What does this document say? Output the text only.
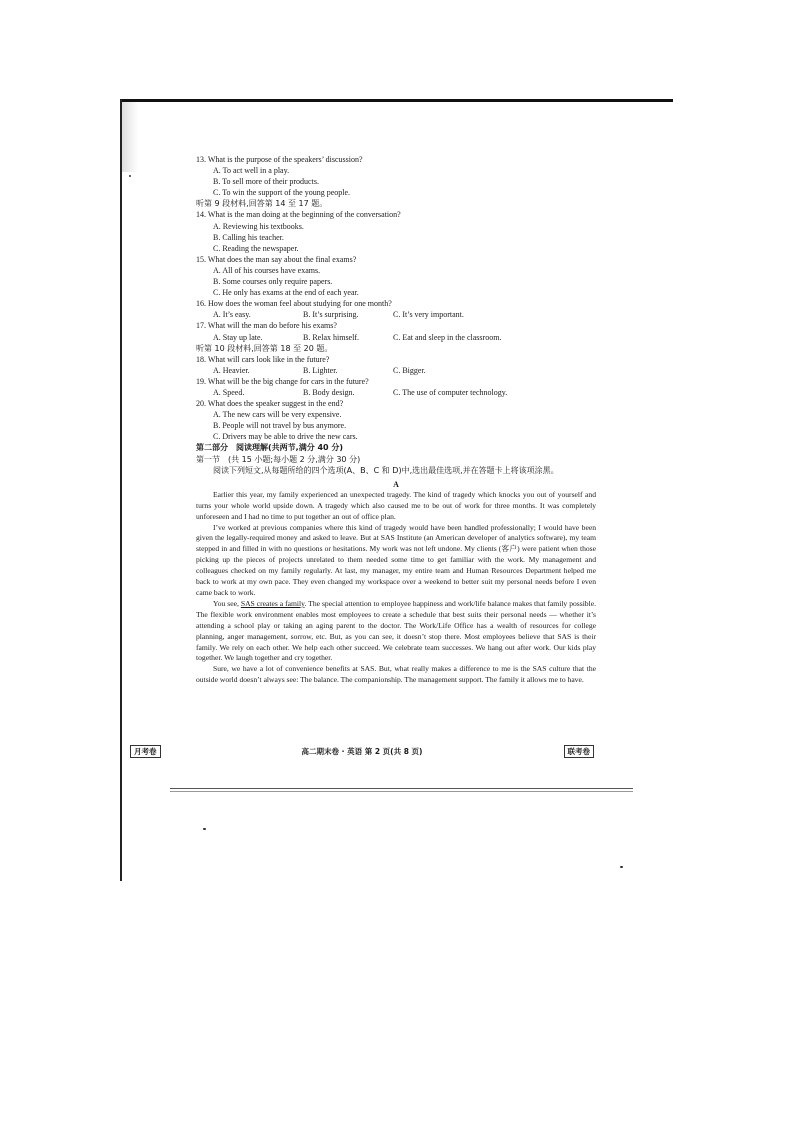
13. What is the purpose of the speakers’ discussion?
A. To act well in a play.
B. To sell more of their products.
C. To win the support of the young people.
听第 9 段材料,回答第 14 至 17 题。
14. What is the man doing at the beginning of the conversation?
A. Reviewing his textbooks.
B. Calling his teacher.
C. Reading the newspaper.
15. What does the man say about the final exams?
A. All of his courses have exams.
B. Some courses only require papers.
C. He only has exams at the end of each year.
16. How does the woman feel about studying for one month?
A. It’s easy.	B. It’s surprising.	C. It’s very important.
17. What will the man do before his exams?
A. Stay up late.	B. Relax himself.	C. Eat and sleep in the classroom.
听第 10 段材料,回答第 18 至 20 题。
18. What will cars look like in the future?
A. Heavier.	B. Lighter.	C. Bigger.
19. What will be the big change for cars in the future?
A. Speed.	B. Body design.	C. The use of computer technology.
20. What does the speaker suggest in the end?
A. The new cars will be very expensive.
B. People will not travel by bus anymore.
C. Drivers may be able to drive the new cars.
第二部分　阅读理解(共两节,满分 40 分)
第一节　(共 15 小题;每小题 2 分,满分 30 分)
阅读下列短文,从每题所给的四个选项(A、B、C 和 D)中,选出最佳选项,并在答题卡上将该项涂黑。
A
Earlier this year, my family experienced an unexpected tragedy. The kind of tragedy which knocks you out of yourself and turns your whole world upside down. A tragedy which also caused me to be out of work for three months. It was completely unforeseen and I had no time to put together an out of office plan.
I’ve worked at previous companies where this kind of tragedy would have been handled professionally; I would have been given the legally-required money and asked to leave. But at SAS Institute (an American developer of analytics software), my team stepped in and filled in with no questions or hesitations. My work was not left undone. My clients (客户) were patient when those picking up the pieces of projects unrelated to them needed some time to get familiar with the work. My management and colleagues checked on my family regularly. At last, my manager, my entire team and Human Resources Department helped me back to work at my own pace. They even changed my workspace over a weekend to better suit my personal needs before I even came back to work.
You see, SAS creates a family. The special attention to employee happiness and work/life balance makes that family possible. The flexible work environment enables most employees to create a schedule that best suits their personal needs — whether it’s attending a school play or taking an aging parent to the doctor. The Work/Life Office has a wealth of resources for college planning, anger management, sorrow, etc. But, as you can see, it doesn’t stop there. Most employees believe that SAS is their family. We rely on each other. We help each other succeed. We celebrate team successes. We hang out after work. Our kids play together. We laugh together and cry together.
Sure, we have a lot of convenience benefits at SAS. But, what really makes a difference to me is the SAS culture that the outside world doesn’t always see: The balance. The companionship. The management support. The family it allows me to have.
高二期末卷 · 英语 第 2 页(共 8 页)
月考卷	联考卷
